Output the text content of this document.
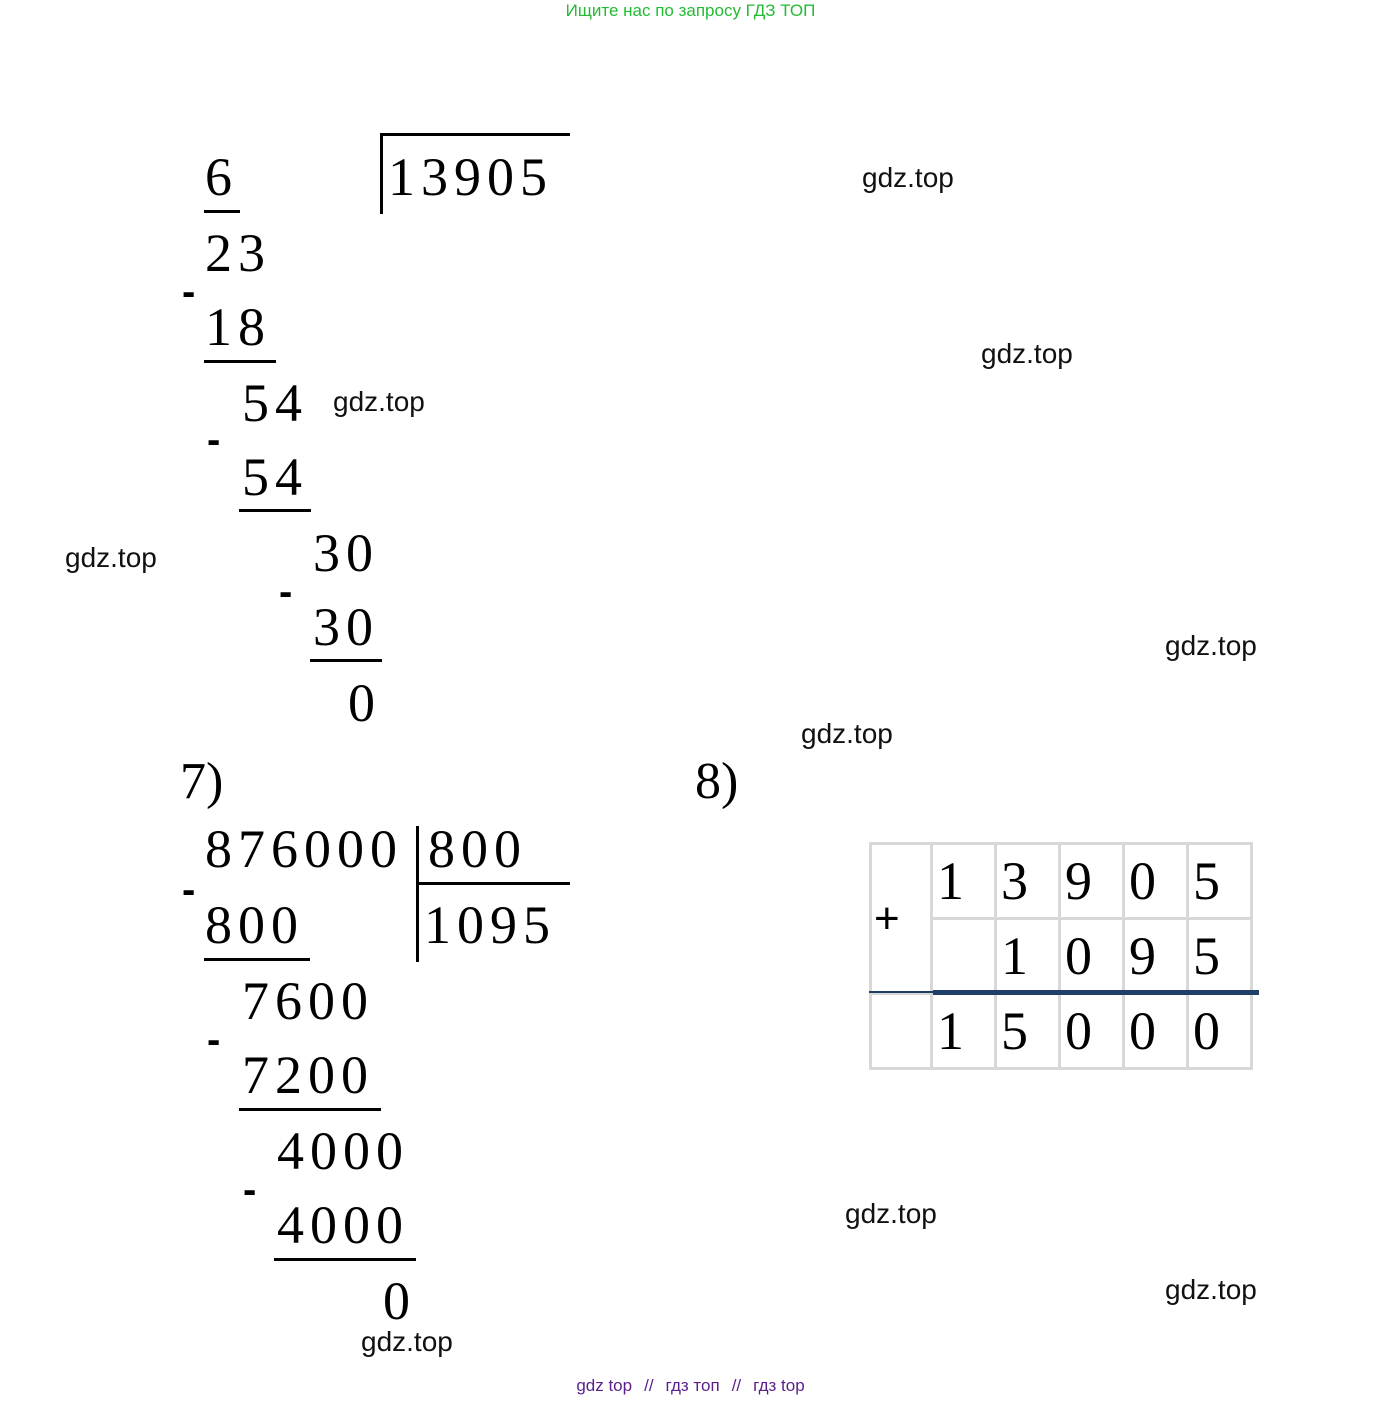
Ищите нас по запросу ГДЗ ТОП
gdz.top
gdz.top
gdz.top
gdz.top
gdz.top
gdz.top
gdz.top
gdz.top
gdz.top
6	13905
23
-
18
54
-
54
30
-
30
0
7)
876000 800
1095
-
800
7600
-
7200
4000
-
4000
0
8)
+	1	3	9	0	5

		1	0	9	5

	1	5	0	0	0
gdz top // гдз топ // гдз top
